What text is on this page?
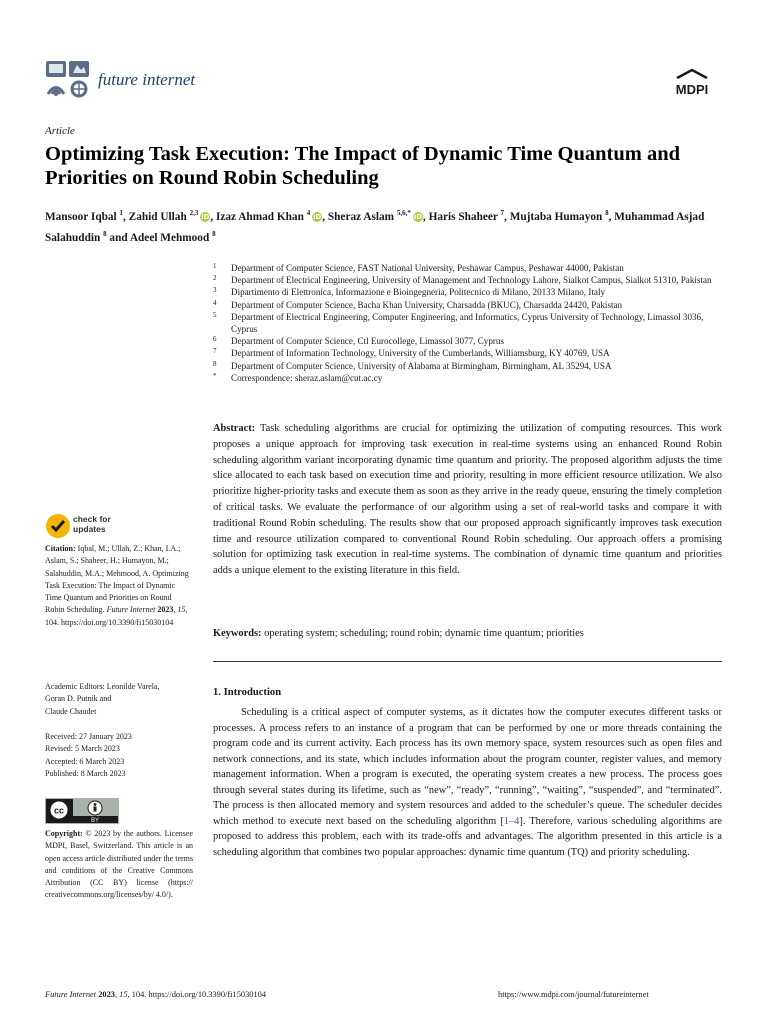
future internet
MDPI
Article
Optimizing Task Execution: The Impact of Dynamic Time Quantum and Priorities on Round Robin Scheduling
Mansoor Iqbal $^1$, Zahid Ullah $^{2,3}$iD, Izaz Ahmad Khan $^4$iD, Sheraz Aslam $^{5,6,*}$iD, Haris Shaheer $^7$, Mujtaba Humayon $^8$, Muhammad Asjad Salahuddin $^8$ and Adeel Mehmood $^8$
1	Department of Computer Science, FAST National University, Peshawar Campus, Peshawar 44000, Pakistan
2	Department of Electrical Engineering, University of Management and Technology Lahore, Sialkot Campus, Sialkot 51310, Pakistan
3	Dipartimento di Elettronica, Informazione e Bioingegneria, Politecnico di Milano, 20133 Milano, Italy
4	Department of Computer Science, Bacha Khan University, Charsadda (BKUC), Charsadda 24420, Pakistan
5	Department of Electrical Engineering, Computer Engineering, and Informatics, Cyprus University of Technology, Limassol 3036, Cyprus
6	Department of Computer Science, Ctl Eurocollege, Limassol 3077, Cyprus
7	Department of Information Technology, University of the Cumberlands, Williamsburg, KY 40769, USA
8	Department of Computer Science, University of Alabama at Birmingham, Birmingham, AL 35294, USA
*	Correspondence: sheraz.aslam@cut.ac.cy
Abstract: Task scheduling algorithms are crucial for optimizing the utilization of computing resources. This work proposes a unique approach for improving task execution in real-time systems using an enhanced Round Robin scheduling algorithm variant incorporating dynamic time quantum and priority. The proposed algorithm adjusts the time slice allocated to each task based on execution time and priority, resulting in more efficient resource utilization. We also prioritize higher-priority tasks and execute them as soon as they arrive in the ready queue, ensuring the timely completion of critical tasks. We evaluate the performance of our algorithm using a set of real-world tasks and compare it with traditional Round Robin scheduling. The results show that our proposed approach significantly improves task execution time and resource utilization compared to conventional Round Robin scheduling. Our approach offers a promising solution for optimizing task execution in real-time systems. The combination of dynamic time quantum and priorities adds a unique element to the existing literature in this field.
Keywords: operating system; scheduling; round robin; dynamic time quantum; priorities
1. Introduction
Scheduling is a critical aspect of computer systems, as it dictates how the computer executes different tasks or processes. A process refers to an instance of a program that can be performed by one or more threads containing the program code and its current activity. Each process has its own memory space, system resources such as open files and network connections, and its state, which includes information about the program counter, register values, and memory management information. When a program is executed, the operating system creates a new process. The process goes through several states during its lifetime, such as “new”, “ready”, “running”, “waiting”, “suspended”, and “terminated”. The process is then allocated memory and system resources and added to the scheduler’s queue. The scheduler decides which method to execute next based on the scheduling algorithm [1–4]. Therefore, various scheduling algorithms are proposed to address this problem, each with its trade-offs and advantages. The algorithm presented in this article is a scheduling algorithm that combines two popular approaches: dynamic time quantum (TQ) and priority scheduling.
check for
updates
Citation: Iqbal, M.; Ullah, Z.; Khan, I.A.; Aslam, S.; Shaheer, H.; Humayon, M.; Salahuddin, M.A.; Mehmood, A. Optimizing Task Execution: The Impact of Dynamic Time Quantum and Priorities on Round Robin Scheduling. Future Internet 2023, 15, 104. https://doi.org/10.3390/fi15030104
Academic Editors: Leonilde Varela,
Goran D. Putnik and
Claude Chaudet
Received: 27 January 2023
Revised: 5 March 2023
Accepted: 6 March 2023
Published: 8 March 2023
cc
BY
Copyright: © 2023 by the authors. Licensee MDPI, Basel, Switzerland. This article is an open access article distributed under the terms and conditions of the Creative Commons Attribution (CC BY) license (https:// creativecommons.org/licenses/by/ 4.0/).
Future Internet 2023, 15, 104. https://doi.org/10.3390/fi15030104	https://www.mdpi.com/journal/futureinternet
